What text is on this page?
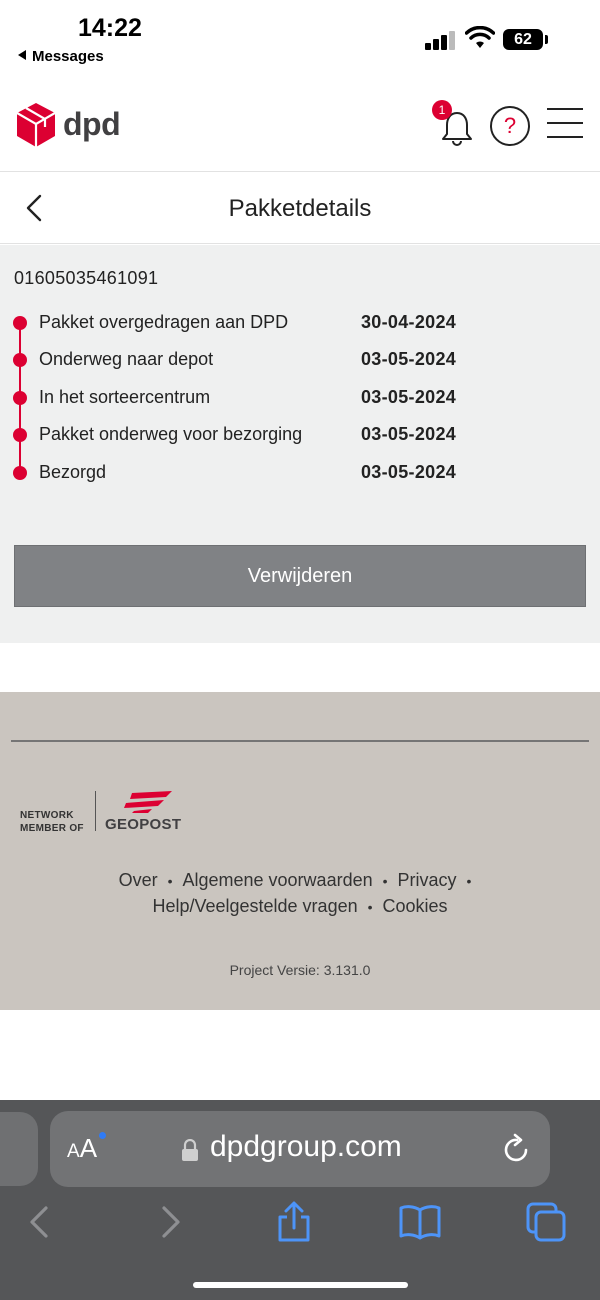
14:22
Messages
62
dpd	1
?
Pakketdetails
01605035461091
Pakket overgedragen aan DPD	30-04-2024
Onderweg naar depot	03-05-2024
In het sorteercentrum	03-05-2024
Pakket onderweg voor bezorging	03-05-2024
Bezorgd	03-05-2024
Verwijderen
NETWORK
MEMBER OF GEOPOST
Over • Algemene voorwaarden • Privacy •
Help/Veelgestelde vragen • Cookies
Project Versie: 3.131.0
AA	dpdgroup.com
